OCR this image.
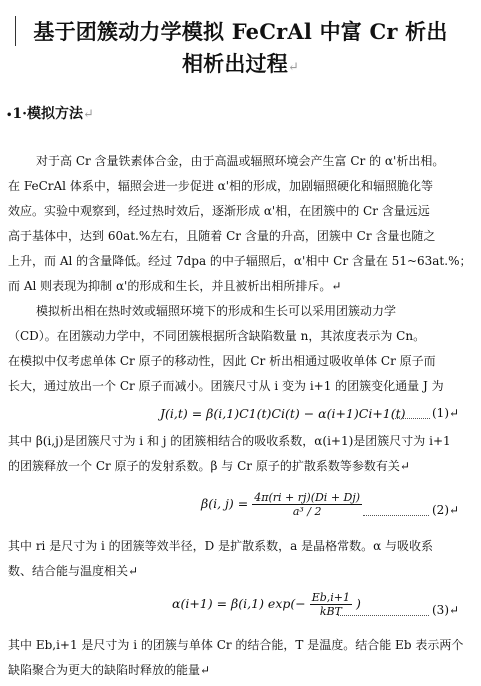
基于团簇动力学模拟 FeCrAl 中富 Cr 析出
相析出过程↵
•1·模拟方法↵
对于高 Cr 含量铁素体合金，由于高温或辐照环境会产生富 Cr 的 α'析出相。
在 FeCrAl 体系中，辐照会进一步促进 α'相的形成，加剧辐照硬化和辐照脆化等
效应。实验中观察到，经过热时效后，逐渐形成 α'相，在团簇中的 Cr 含量远远
高于基体中，达到 60at.%左右，且随着 Cr 含量的升高，团簇中 Cr 含量也随之
上升，而 Al 的含量降低。经过 7dpa 的中子辐照后，α'相中 Cr 含量在 51~63at.%；
而 Al 则表现为抑制 α'的形成和生长，并且被析出相所排斥。↵
模拟析出相在热时效或辐照环境下的形成和生长可以采用团簇动力学
（CD）。在团簇动力学中，不同团簇根据所含缺陷数量 n，其浓度表示为 Cn。
在模拟中仅考虑单体 Cr 原子的移动性，因此 Cr 析出相通过吸收单体 Cr 原子而
长大，通过放出一个 Cr 原子而减小。团簇尺寸从 i 变为 i+1 的团簇变化通量 J 为
J(i,t) = β(i,1)C1(t)Ci(t) − α(i+1)Ci+1(t) (1)↵
其中 β(i,j)是团簇尺寸为 i 和 j 的团簇相结合的吸收系数，α(i+1)是团簇尺寸为 i+1
的团簇释放一个 Cr 原子的发射系数。β 与 Cr 原子的扩散系数等参数有关↵
β(i, $j) = \frac{4\pi(ri + rj)(Di + Dj)}{\text{a³ / 2}}$	(2)↵
其中 ri 是尺寸为 i 的团簇等效半径，D 是扩散系数，a 是晶格常数。α 与吸收系
数、结合能与温度相关↵
α(i+1) = β(i,1) $\exp(- \frac{Eb,i+1}{\text{kBT}}$ )	(3)↵
其中 Eb,i+1 是尺寸为 i 的团簇与单体 Cr 的结合能，T 是温度。结合能 Eb 表示两个
缺陷聚合为更大的缺陷时释放的能量↵
